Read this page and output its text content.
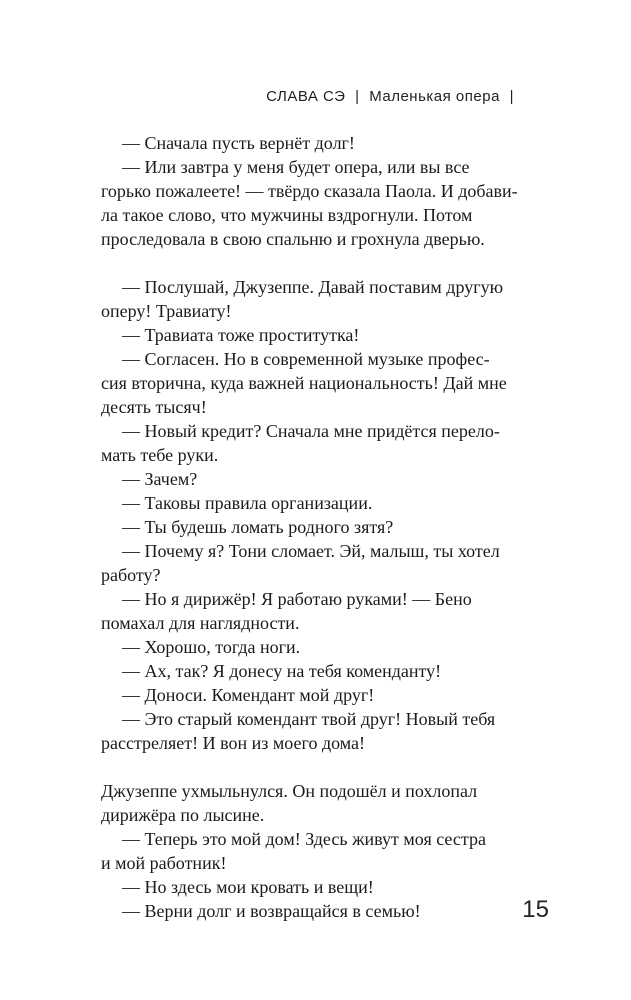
СЛАВА СЭ | Маленькая опера |
— Сначала пусть вернёт долг!
— Или завтра у меня будет опера, или вы все
горько пожалеете! — твёрдо сказала Паола. И добави-
ла такое слово, что мужчины вздрогнули. Потом
проследовала в свою спальню и грохнула дверью.
— Послушай, Джузеппе. Давай поставим другую
оперу! Травиату!
— Травиата тоже проститутка!
— Согласен. Но в современной музыке профес-
сия вторична, куда важней национальность! Дай мне
десять тысяч!
— Новый кредит? Сначала мне придётся перело-
мать тебе руки.
— Зачем?
— Таковы правила организации.
— Ты будешь ломать родного зятя?
— Почему я? Тони сломает. Эй, малыш, ты хотел
работу?
— Но я дирижёр! Я работаю руками! — Бено
помахал для наглядности.
— Хорошо, тогда ноги.
— Ах, так? Я донесу на тебя коменданту!
— Доноси. Комендант мой друг!
— Это старый комендант твой друг! Новый тебя
расстреляет! И вон из моего дома!
Джузеппе ухмыльнулся. Он подошёл и похлопал
дирижёра по лысине.
— Теперь это мой дом! Здесь живут моя сестра
и мой работник!
— Но здесь мои кровать и вещи!
— Верни долг и возвращайся в семью!	15
